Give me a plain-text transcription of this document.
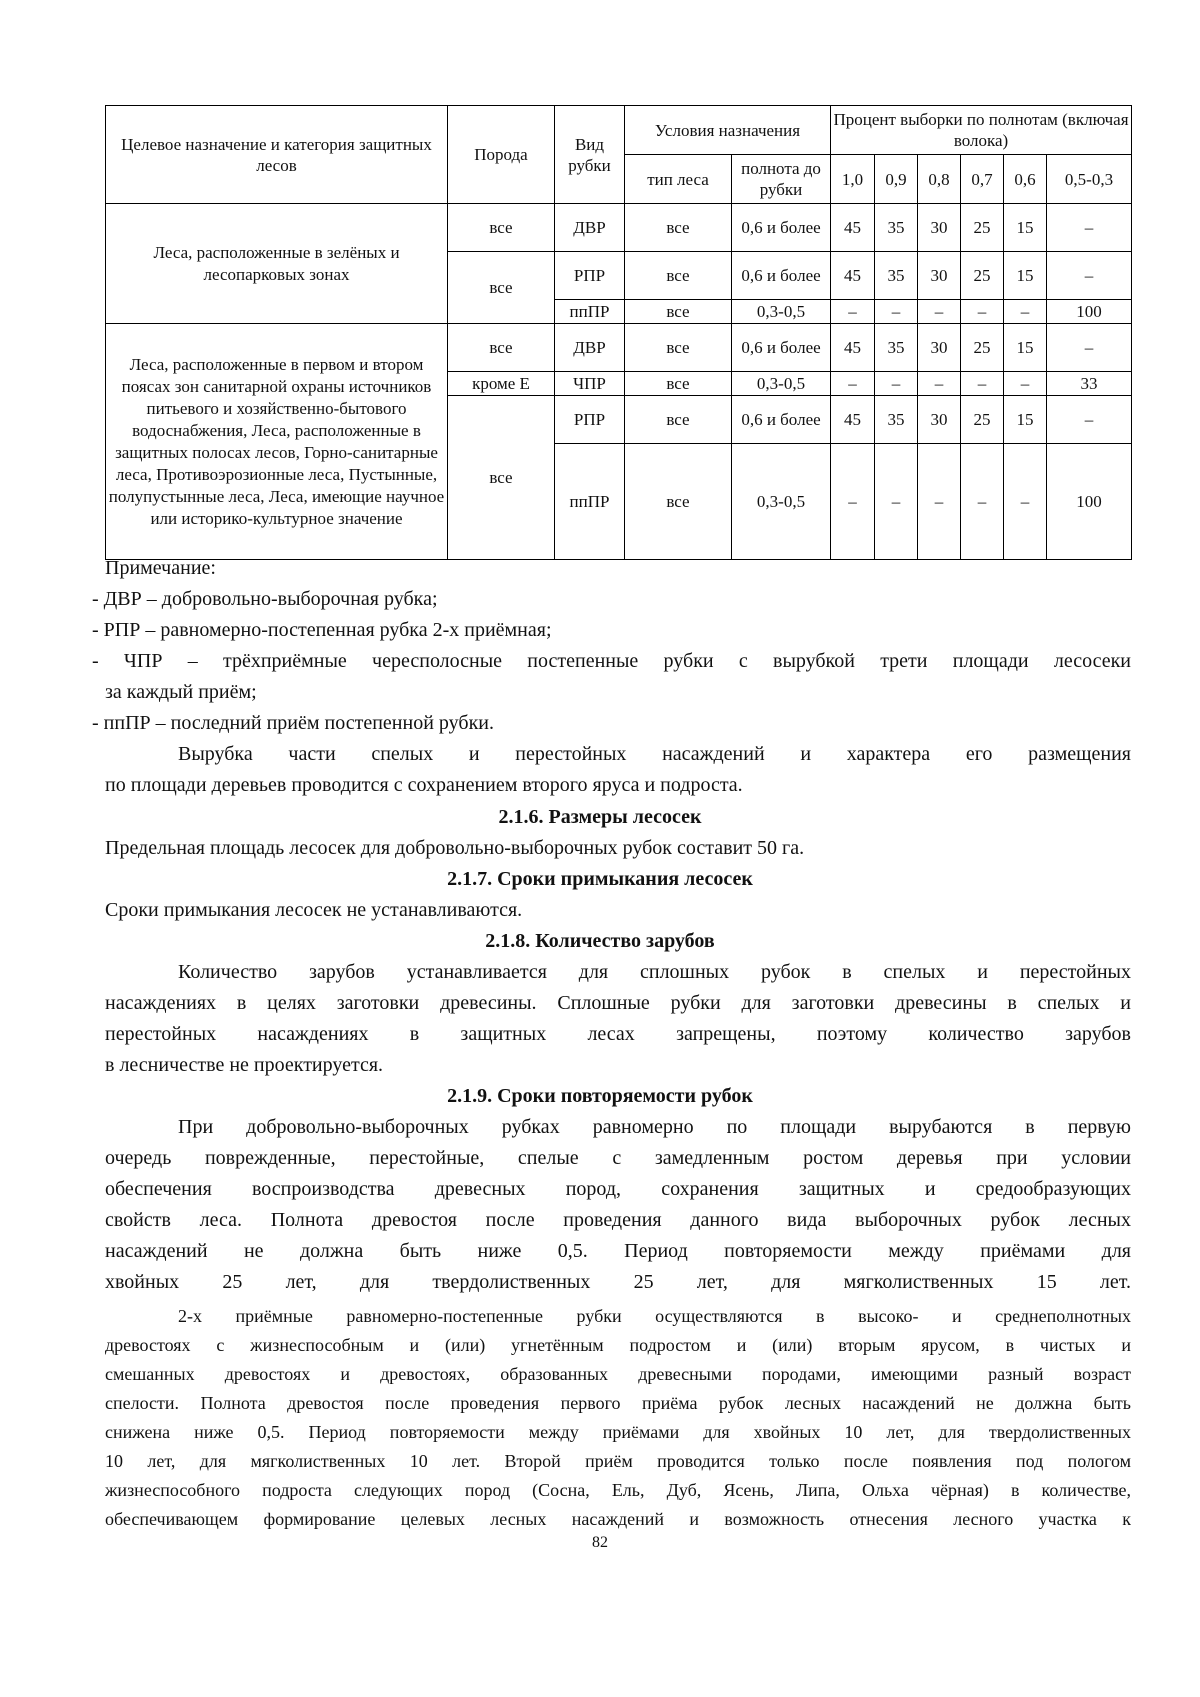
Целевое назначение и категория защитных лесов	Порода	Вид рубки	Условия назначения		Процент выборки по полнотам (включая волока)					
			тип леса	полнота до рубки	1,0	0,9	0,8	0,7	0,6	0,5-0,3
Леса, расположенные в зелёных и лесопарковых зонах	все	ДВР	все	0,6 и более	45	35	30	25	15	–
	все	РПР	все	0,6 и более	45	35	30	25	15	–
		ппПР	все	0,3-0,5	–	–	–	–	–	100
Леса, расположенные в первом и втором поясах зон санитарной охраны источников питьевого и хозяйственно-бытового водоснабжения, Леса, расположенные в защитных полосах лесов, Горно-санитарные леса, Противоэрозионные леса, Пустынные, полупустынные леса, Леса, имеющие научное или историко-культурное значение	все	ДВР	все	0,6 и более	45	35	30	25	15	–
	кроме Е	ЧПР	все	0,3-0,5	–	–	–	–	–	33
	все	РПР	все	0,6 и более	45	35	30	25	15	–
		ппПР	все	0,3-0,5	–	–	–	–	–	100
Примечание:
- ДВР – добровольно-выборочная рубка;
- РПР – равномерно-постепенная рубка 2-х приёмная;
- ЧПР – трёхприёмные чересполосные постепенные рубки с вырубкой трети площади лесосеки
за каждый приём;
- ппПР – последний приём постепенной рубки.
Вырубка части спелых и перестойных насаждений и характера его размещения
по площади деревьев проводится с сохранением второго яруса и подроста.
2.1.6. Размеры лесосек
Предельная площадь лесосек для добровольно-выборочных рубок составит 50 га.
2.1.7. Сроки примыкания лесосек
Сроки примыкания лесосек не устанавливаются.
2.1.8. Количество зарубов
Количество зарубов устанавливается для сплошных рубок в спелых и перестойных
насаждениях в целях заготовки древесины. Сплошные рубки для заготовки древесины в спелых и
перестойных насаждениях в защитных лесах запрещены, поэтому количество зарубов
в лесничестве не проектируется.
2.1.9. Сроки повторяемости рубок
При добровольно-выборочных рубках равномерно по площади вырубаются в первую
очередь поврежденные, перестойные, спелые с замедленным ростом деревья при условии
обеспечения воспроизводства древесных пород, сохранения защитных и средообразующих
свойств леса. Полнота древостоя после проведения данного вида выборочных рубок лесных
насаждений не должна быть ниже 0,5. Период повторяемости между приёмами для
хвойных 25 лет, для твердолиственных 25 лет, для мягколиственных 15 лет.
2-х приёмные равномерно-постепенные рубки осуществляются в высоко- и среднеполнотных
древостоях с жизнеспособным и (или) угнетённым подростом и (или) вторым ярусом, в чистых и
смешанных древостоях и древостоях, образованных древесными породами, имеющими разный возраст
спелости. Полнота древостоя после проведения первого приёма рубок лесных насаждений не должна быть
снижена ниже 0,5. Период повторяемости между приёмами для хвойных 10 лет, для твердолиственных
10 лет, для мягколиственных 10 лет. Второй приём проводится только после появления под пологом
жизнеспособного подроста следующих пород (Сосна, Ель, Дуб, Ясень, Липа, Ольха чёрная) в количестве,
обеспечивающем формирование целевых лесных насаждений и возможность отнесения лесного участка к
82
